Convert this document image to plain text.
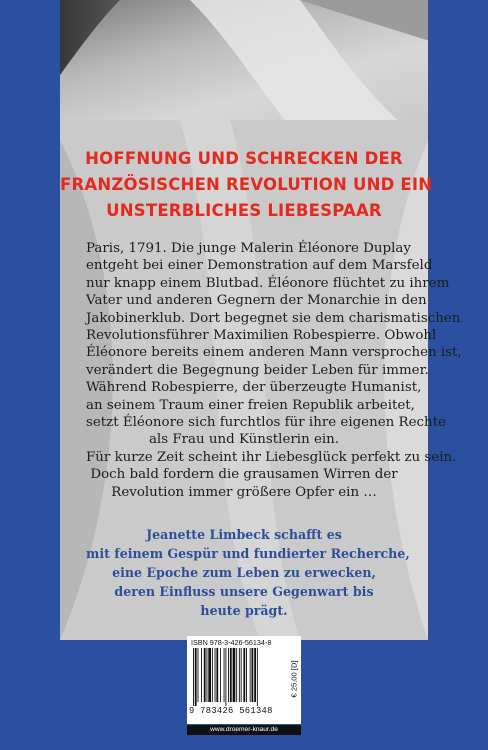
HOFFNUNG UND SCHRECKEN DER
FRANZÖSISCHEN REVOLUTION UND EIN
UNSTERBLICHES LIEBESPAAR
Paris, 1791. Die junge Malerin Éléonore Duplay
entgeht bei einer Demonstration auf dem Marsfeld
nur knapp einem Blutbad. Éléonore flüchtet zu ihrem
Vater und anderen Gegnern der Monarchie in den
Jakobinerklub. Dort begegnet sie dem charismatischen
Revolutionsführer Maximilien Robespierre. Obwohl
Éléonore bereits einem anderen Mann versprochen ist,
verändert die Begegnung beider Leben für immer.
Während Robespierre, der überzeugte Humanist,
an seinem Traum einer freien Republik arbeitet,
setzt Éléonore sich furchtlos für ihre eigenen Rechte
als Frau und Künstlerin ein.
Für kurze Zeit scheint ihr Liebesglück perfekt zu sein.
Doch bald fordern die grausamen Wirren der
Revolution immer größere Opfer ein …
Jeanette Limbeck schafft es
mit feinem Gespür und fundierter Recherche,
eine Epoche zum Leben zu erwecken,
deren Einfluss unsere Gegenwart bis
heute prägt.
ISBN 978-3-426-56134-8
9 783426 561348
€ 25,00 [D]
www.droemer-knaur.de
